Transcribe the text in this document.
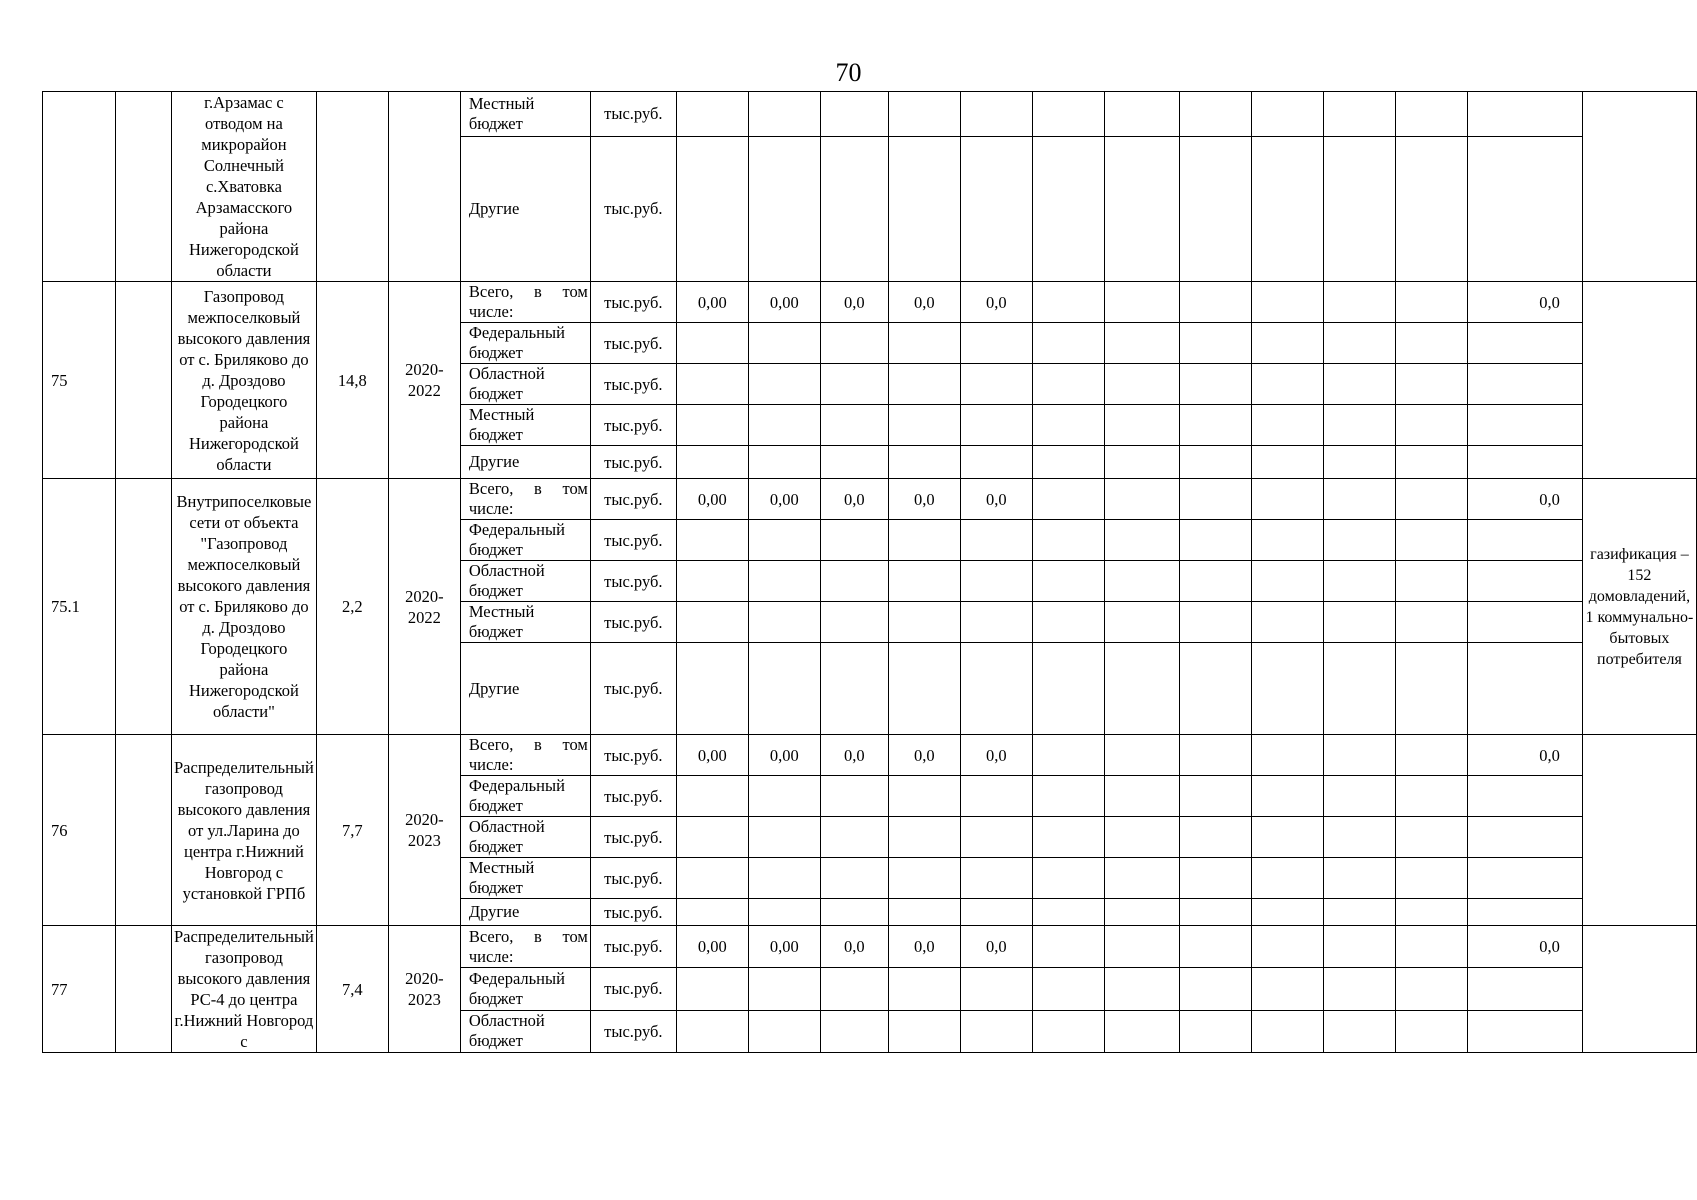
70
		г.Арзамас с отводом на микрорайон Солнечный с.Хватовка Арзамасского района Нижегородской области			Местный бюджет	тыс.руб.													
					Другие	тыс.руб.													
75		Газопровод межпоселковый высокого давления от с. Бриляково до д. Дроздово Городецкого района Нижегородской области	14,8	2020-2022	Всего, в том числе:	тыс.руб.	0,00	0,00	0,0	0,0	0,0							0,0	
					Федеральный бюджет	тыс.руб.													
					Областной бюджет	тыс.руб.													
					Местный бюджет	тыс.руб.													
					Другие	тыс.руб.													
75.1		Внутрипоселковые сети от объекта "Газопровод межпоселковый высокого давления от с. Бриляково до д. Дроздово Городецкого района Нижегородской области"	2,2	2020-2022	Всего, в том числе:	тыс.руб.	0,00	0,00	0,0	0,0	0,0							0,0	газификация – 152 домовладений, 1 коммунально-бытовых потребителя
					Федеральный бюджет	тыс.руб.													
					Областной бюджет	тыс.руб.													
					Местный бюджет	тыс.руб.													
					Другие	тыс.руб.													
76		Распределительный газопровод высокого давления от ул.Ларина до центра г.Нижний Новгород с установкой ГРПб	7,7	2020-2023	Всего, в том числе:	тыс.руб.	0,00	0,00	0,0	0,0	0,0							0,0	
					Федеральный бюджет	тыс.руб.													
					Областной бюджет	тыс.руб.													
					Местный бюджет	тыс.руб.													
					Другие	тыс.руб.													
77		Распределительный газопровод высокого давления РС-4 до центра г.Нижний Новгород с	7,4	2020-2023	Всего, в том числе:	тыс.руб.	0,00	0,00	0,0	0,0	0,0							0,0	
					Федеральный бюджет	тыс.руб.													
					Областной бюджет	тыс.руб.													
